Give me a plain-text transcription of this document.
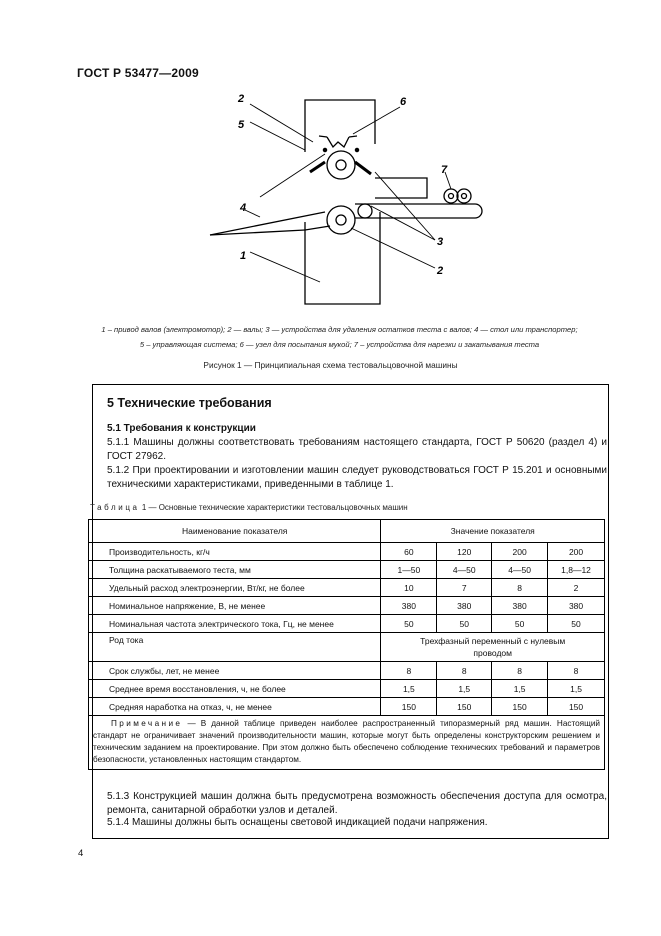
ГОСТ Р 53477—2009
2
5
6
4
7
3
1
2
1 – привод валов (электромотор); 2 — валы; 3 — устройства для удаления остатков теста с валов; 4 — стол или транспортер;
5 – управляющая система; 6 — узел для посыпания мукой; 7 – устройства для нарезки и закатывания теста
Рисунок 1 — Принципиальная схема тестовальцовочной машины
5 Технические требования
5.1 Требования к конструкции
5.1.1 Машины должны соответствовать требованиям настоящего стандарта, ГОСТ Р 50620 (раздел 4) и ГОСТ 27962.
5.1.2 При проектировании и изготовлении машин следует руководствоваться ГОСТ Р 15.201 и основными техническими характеристиками, приведенными в таблице 1.
Таблица 1 — Основные технические характеристики тестовальцовочных машин
Наименование показателя	Значение показателя			
Производительность, кг/ч	60	120	200	200
Толщина раскатываемого теста, мм	1—50	4—50	4—50	1,8—12
Удельный расход электроэнергии, Вт/кг, не более	10	7	8	2
Номинальное напряжение, В, не менее	380	380	380	380
Номинальная частота электрического тока, Гц, не менее	50	50	50	50
Род тока	Трехфазный переменный с нулевым проводом			
Срок службы, лет, не менее	8	8	8	8
Среднее время восстановления, ч, не более	1,5	1,5	1,5	1,5
Средняя наработка на отказ, ч, не менее	150	150	150	150
Примечание — В данной таблице приведен наиболее распространенный типоразмерный ряд машин. Настоящий стандарт не ограничивает значений производительности машин, которые могут быть определены конструкторским решением и техническим заданием на проектирование. При этом должно быть обеспечено соблюдение технических требований и параметров безопасности, установленных настоящим стандартом.				
5.1.3 Конструкцией машин должна быть предусмотрена возможность обеспечения доступа для осмотра, ремонта, санитарной обработки узлов и деталей.
5.1.4 Машины должны быть оснащены световой индикацией подачи напряжения.
4
